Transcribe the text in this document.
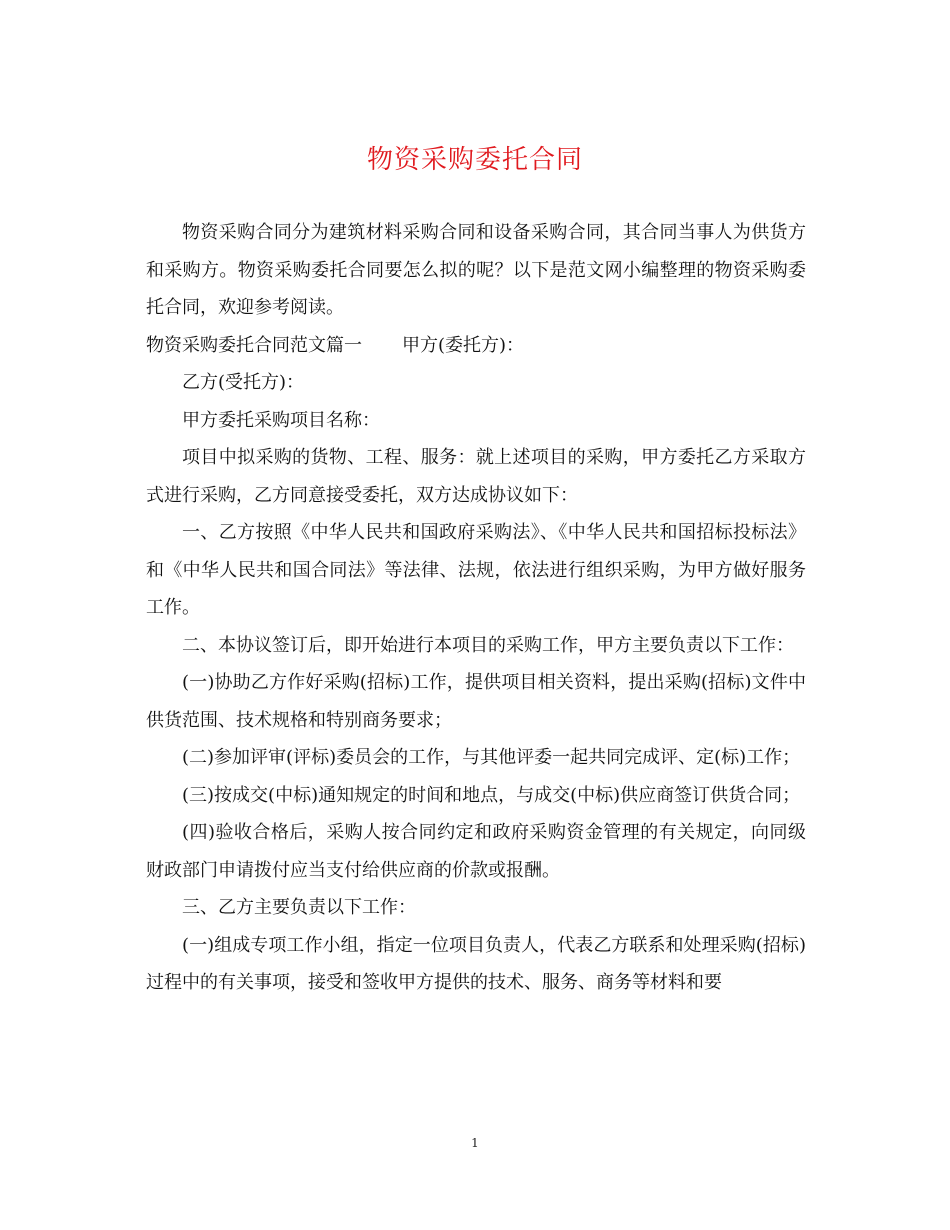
物资采购委托合同

物资采购合同分为建筑材料采购合同和设备采购合同，其合同当事人为供货方和采购方。物资采购委托合同要怎么拟的呢？以下是范文网小编整理的物资采购委托合同，欢迎参考阅读。

物资采购委托合同范文篇一 甲方(委托方)：

乙方(受托方)：

甲方委托采购项目名称：

项目中拟采购的货物、工程、服务：就上述项目的采购，甲方委托乙方采取方式进行采购，乙方同意接受委托，双方达成协议如下：

一、乙方按照《中华人民共和国政府采购法》、《中华人民共和国招标投标法》和《中华人民共和国合同法》等法律、法规，依法进行组织采购，为甲方做好服务工作。

二、本协议签订后，即开始进行本项目的采购工作，甲方主要负责以下工作：

(一)协助乙方作好采购(招标)工作，提供项目相关资料，提出采购(招标)文件中供货范围、技术规格和特别商务要求；

(二)参加评审(评标)委员会的工作，与其他评委一起共同完成评、定(标)工作；

(三)按成交(中标)通知规定的时间和地点，与成交(中标)供应商签订供货合同；

(四)验收合格后，采购人按合同约定和政府采购资金管理的有关规定，向同级财政部门申请拨付应当支付给供应商的价款或报酬。

三、乙方主要负责以下工作：

(一)组成专项工作小组，指定一位项目负责人，代表乙方联系和处理采购(招标)过程中的有关事项，接受和签收甲方提供的技术、服务、商务等材料和要

1
